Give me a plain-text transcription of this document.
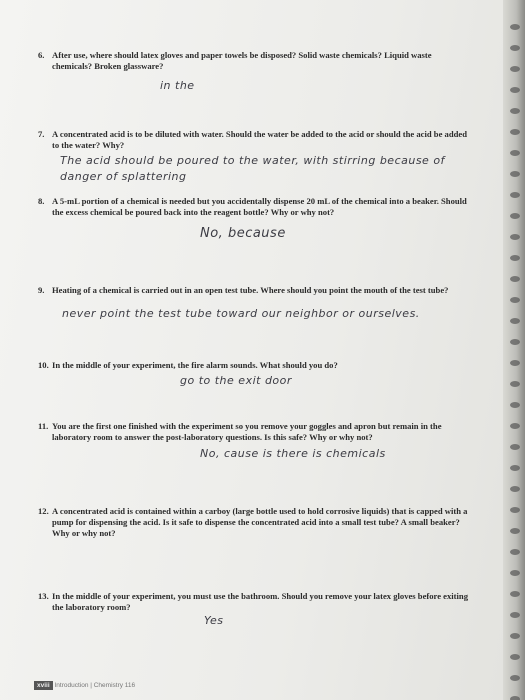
6. After use, where should latex gloves and paper towels be disposed? Solid waste chemicals? Liquid waste chemicals? Broken glassware?
in the
7. A concentrated acid is to be diluted with water. Should the water be added to the acid or should the acid be added to the water? Why?
The acid should be poured to the water, with stirring because of danger of splattering
8. A 5-mL portion of a chemical is needed but you accidentally dispense 20 mL of the chemical into a beaker. Should the excess chemical be poured back into the reagent bottle? Why or why not?
No, because
9. Heating of a chemical is carried out in an open test tube. Where should you point the mouth of the test tube?
never point the test tube toward our neighbor or ourselves.
10. In the middle of your experiment, the fire alarm sounds. What should you do?
go to the exit door
11. You are the first one finished with the experiment so you remove your goggles and apron but remain in the laboratory room to answer the post-laboratory questions. Is this safe? Why or why not?
No, cause is there is chemicals
12. A concentrated acid is contained within a carboy (large bottle used to hold corrosive liquids) that is capped with a pump for dispensing the acid. Is it safe to dispense the concentrated acid into a small test tube? A small beaker? Why or why not?
13. In the middle of your experiment, you must use the bathroom. Should you remove your latex gloves before exiting the laboratory room?
Yes
xviii Introduction | Chemistry 116
